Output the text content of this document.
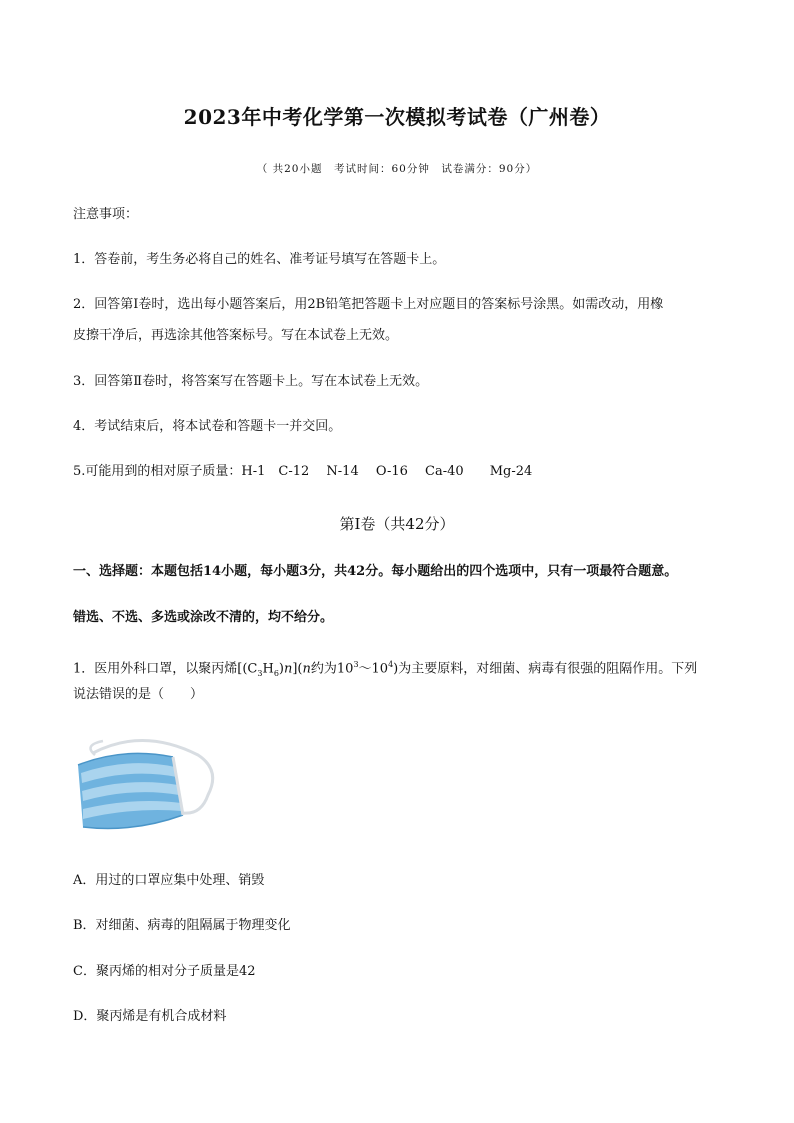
2023年中考化学第一次模拟考试卷（广州卷）
（ 共20小题　考试时间：60分钟　试卷满分：90分）
注意事项：
1．答卷前，考生务必将自己的姓名、准考证号填写在答题卡上。
2．回答第Ⅰ卷时，选出每小题答案后，用2B铅笔把答题卡上对应题目的答案标号涂黑。如需改动，用橡
皮擦干净后，再选涂其他答案标号。写在本试卷上无效。
3．回答第Ⅱ卷时，将答案写在答题卡上。写在本试卷上无效。
4．考试结束后，将本试卷和答题卡一并交回。
5.可能用到的相对原子质量：H-1　C-12　 N-14　 O-16　 Ca-40　　Mg-24
第Ⅰ卷（共42分）
一、选择题：本题包括14小题，每小题3分，共42分。每小题给出的四个选项中，只有一项最符合题意。
错选、不选、多选或涂改不清的，均不给分。
1．医用外科口罩，以聚丙烯$[(C_3H_6)n](n$约为$10^3\sim 10^4$)为主要原料，对细菌、病毒有很强的阻隔作用。下列
说法错误的是（　　）
A．用过的口罩应集中处理、销毁
B．对细菌、病毒的阻隔属于物理变化
C．聚丙烯的相对分子质量是42
D．聚丙烯是有机合成材料
